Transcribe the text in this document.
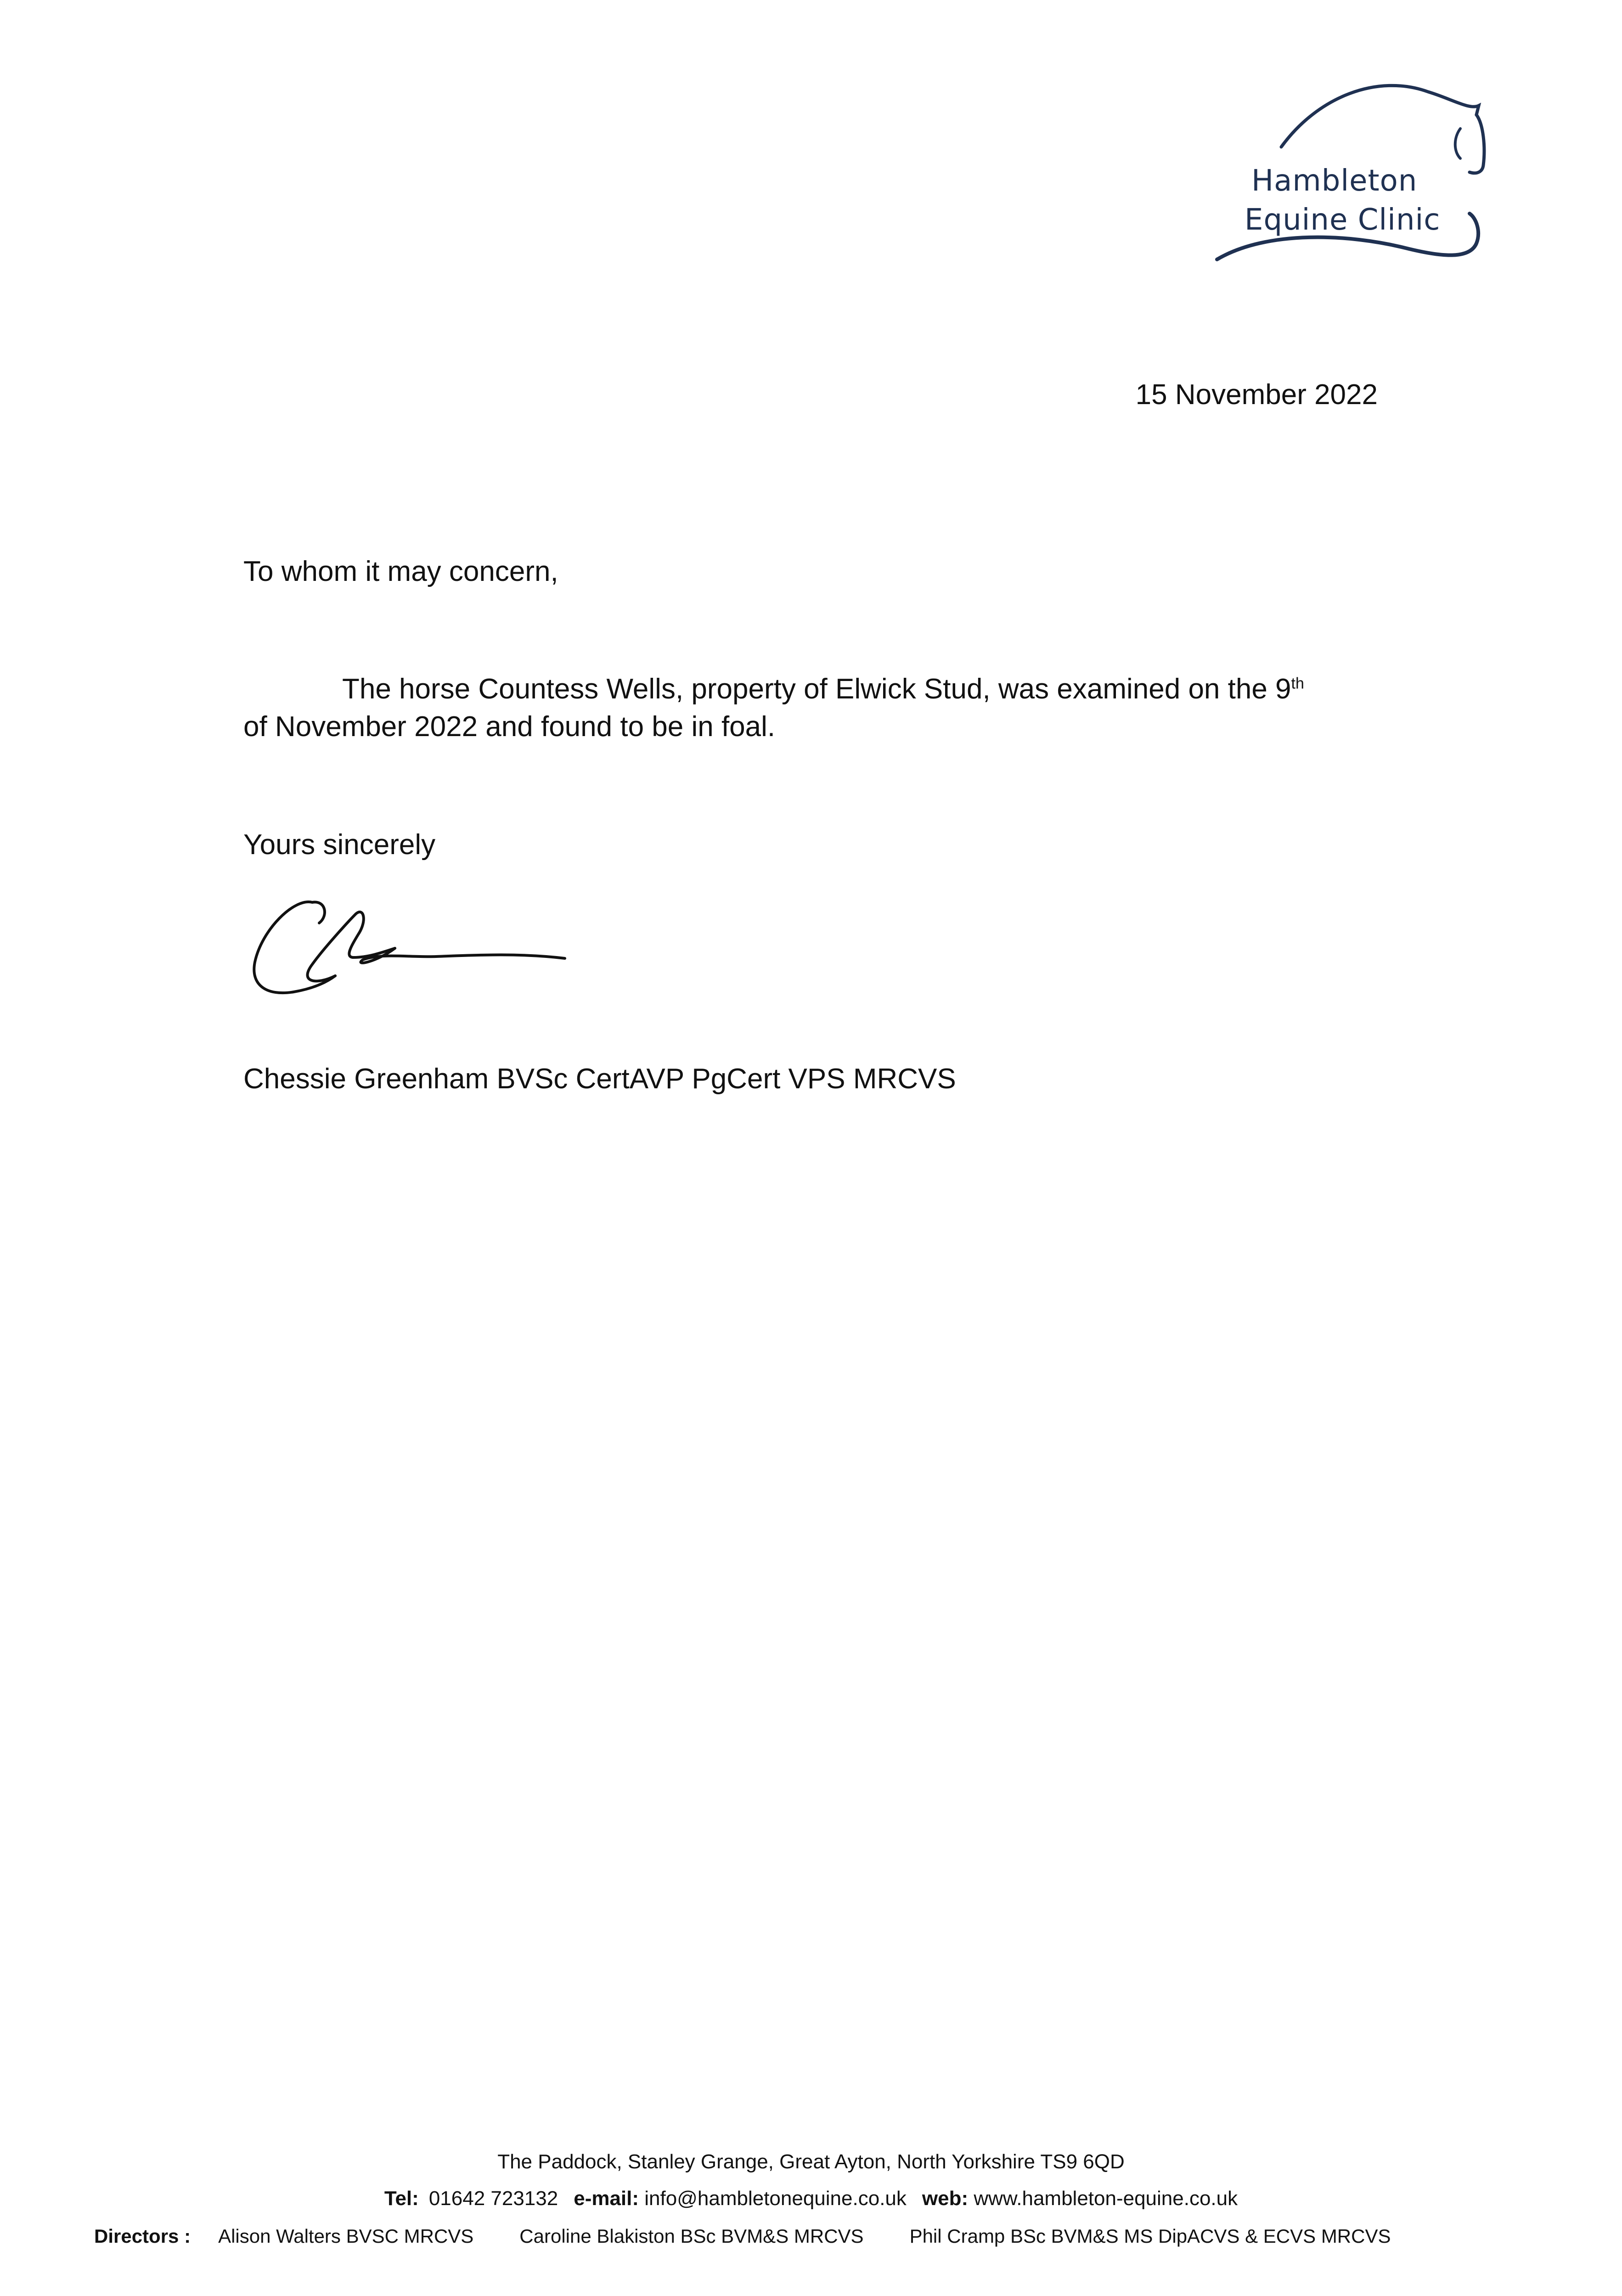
Hambleton
Equine Clinic
15 November 2022
To whom it may concern,
The horse Countess Wells, property of Elwick Stud, was examined on the 9th
of November 2022 and found to be in foal.
Yours sincerely
Chessie Greenham BVSc CertAVP PgCert VPS MRCVS
The Paddock, Stanley Grange, Great Ayton, North Yorkshire TS9 6QD
Tel: 01642 723132 e-mail: info@hambletonequine.co.uk web: www.hambleton-equine.co.uk
Directors : Alison Walters BVSC MRCVS Caroline Blakiston BSc BVM&S MRCVS Phil Cramp BSc BVM&S MS DipACVS & ECVS MRCVS
